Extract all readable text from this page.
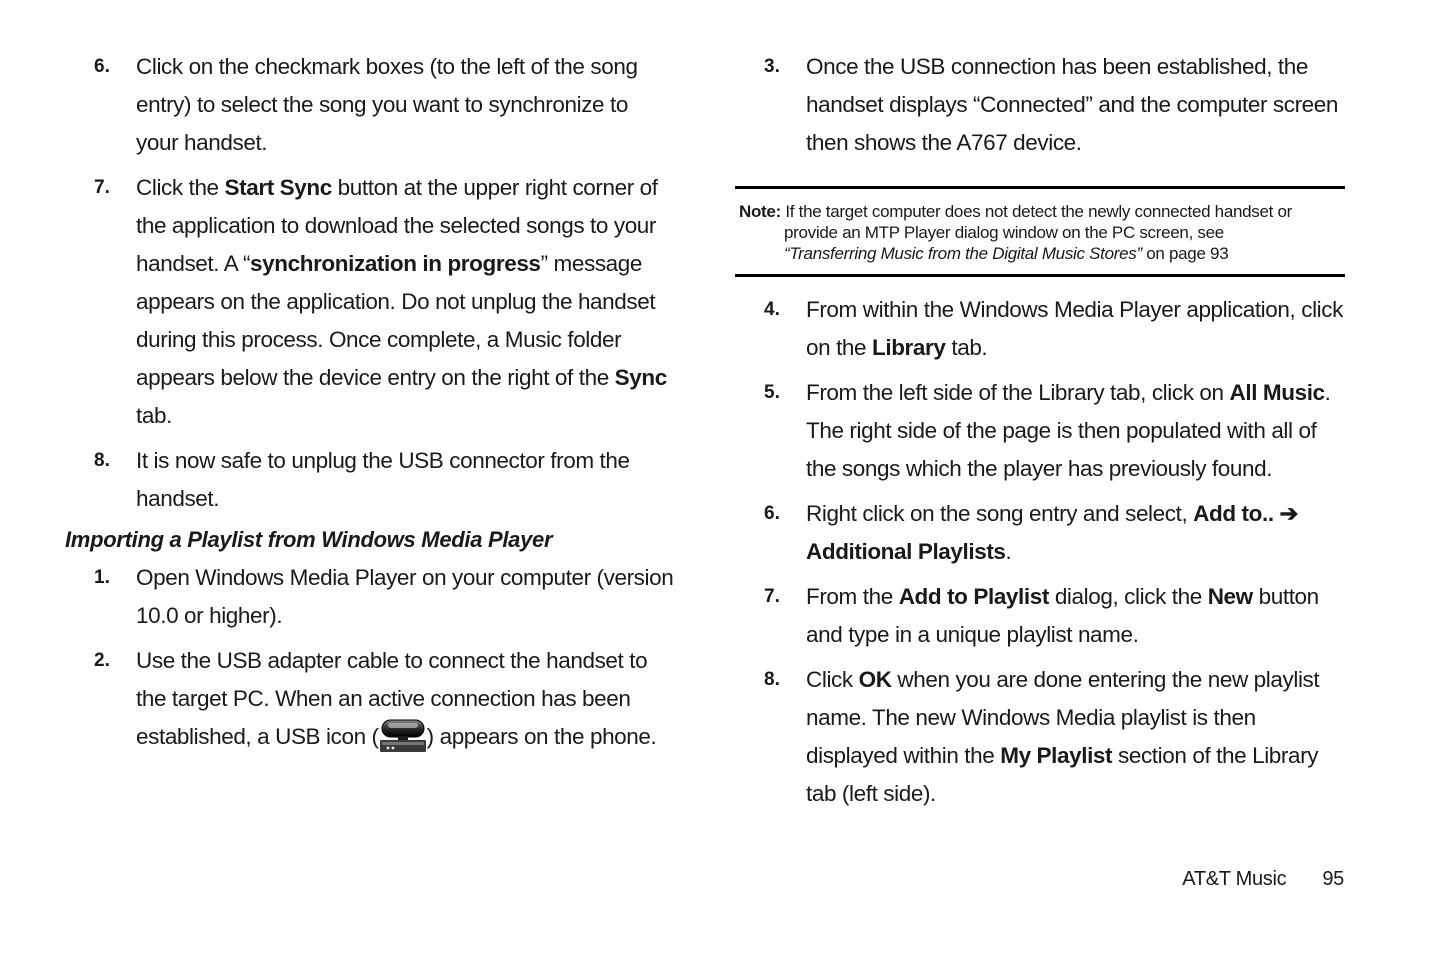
6. Click on the checkmark boxes (to the left of the song entry) to select the song you want to synchronize to your handset.
7. Click the Start Sync button at the upper right corner of the application to download the selected songs to your handset. A “synchronization in progress” message appears on the application. Do not unplug the handset during this process. Once complete, a Music folder appears below the device entry on the right of the Sync tab.
8. It is now safe to unplug the USB connector from the handset.
Importing a Playlist from Windows Media Player
1. Open Windows Media Player on your computer (version 10.0 or higher).
2. Use the USB adapter cable to connect the handset to the target PC. When an active connection has been established, a USB icon ( ) appears on the phone.
3. Once the USB connection has been established, the handset displays “Connected” and the computer screen then shows the A767 device.
Note: If the target computer does not detect the newly connected handset or
provide an MTP Player dialog window on the PC screen, see
“Transferring Music from the Digital Music Stores” on page 93
4. From within the Windows Media Player application, click on the Library tab.
5. From the left side of the Library tab, click on All Music. The right side of the page is then populated with all of the songs which the player has previously found.
6. Right click on the song entry and select, Add to.. ➔ Additional Playlists.
7. From the Add to Playlist dialog, click the New button and type in a unique playlist name.
8. Click OK when you are done entering the new playlist name. The new Windows Media playlist is then displayed within the My Playlist section of the Library tab (left side).
AT&T Music 95
